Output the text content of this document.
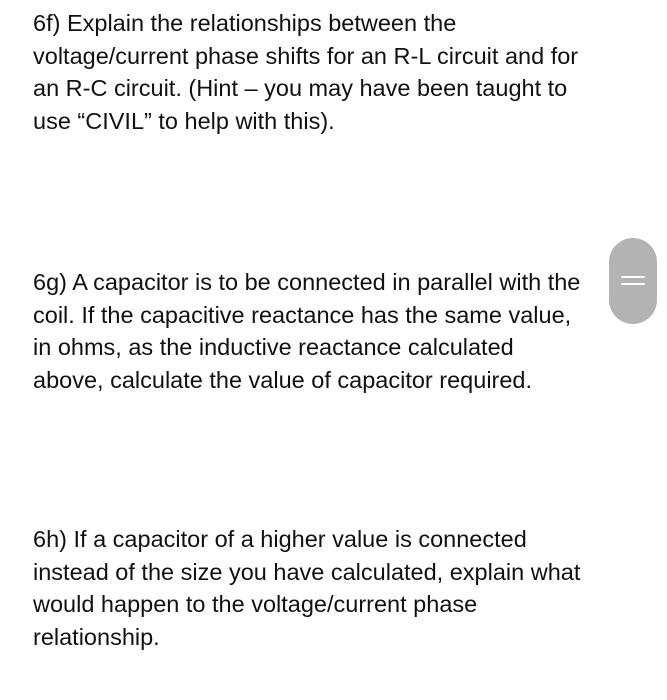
6f) Explain the relationships between the
voltage/current phase shifts for an R-L circuit and for
an R-C circuit. (Hint – you may have been taught to
use “CIVIL” to help with this).
6g) A capacitor is to be connected in parallel with the
coil. If the capacitive reactance has the same value,
in ohms, as the inductive reactance calculated
above, calculate the value of capacitor required.
6h) If a capacitor of a higher value is connected
instead of the size you have calculated, explain what
would happen to the voltage/current phase
relationship.
